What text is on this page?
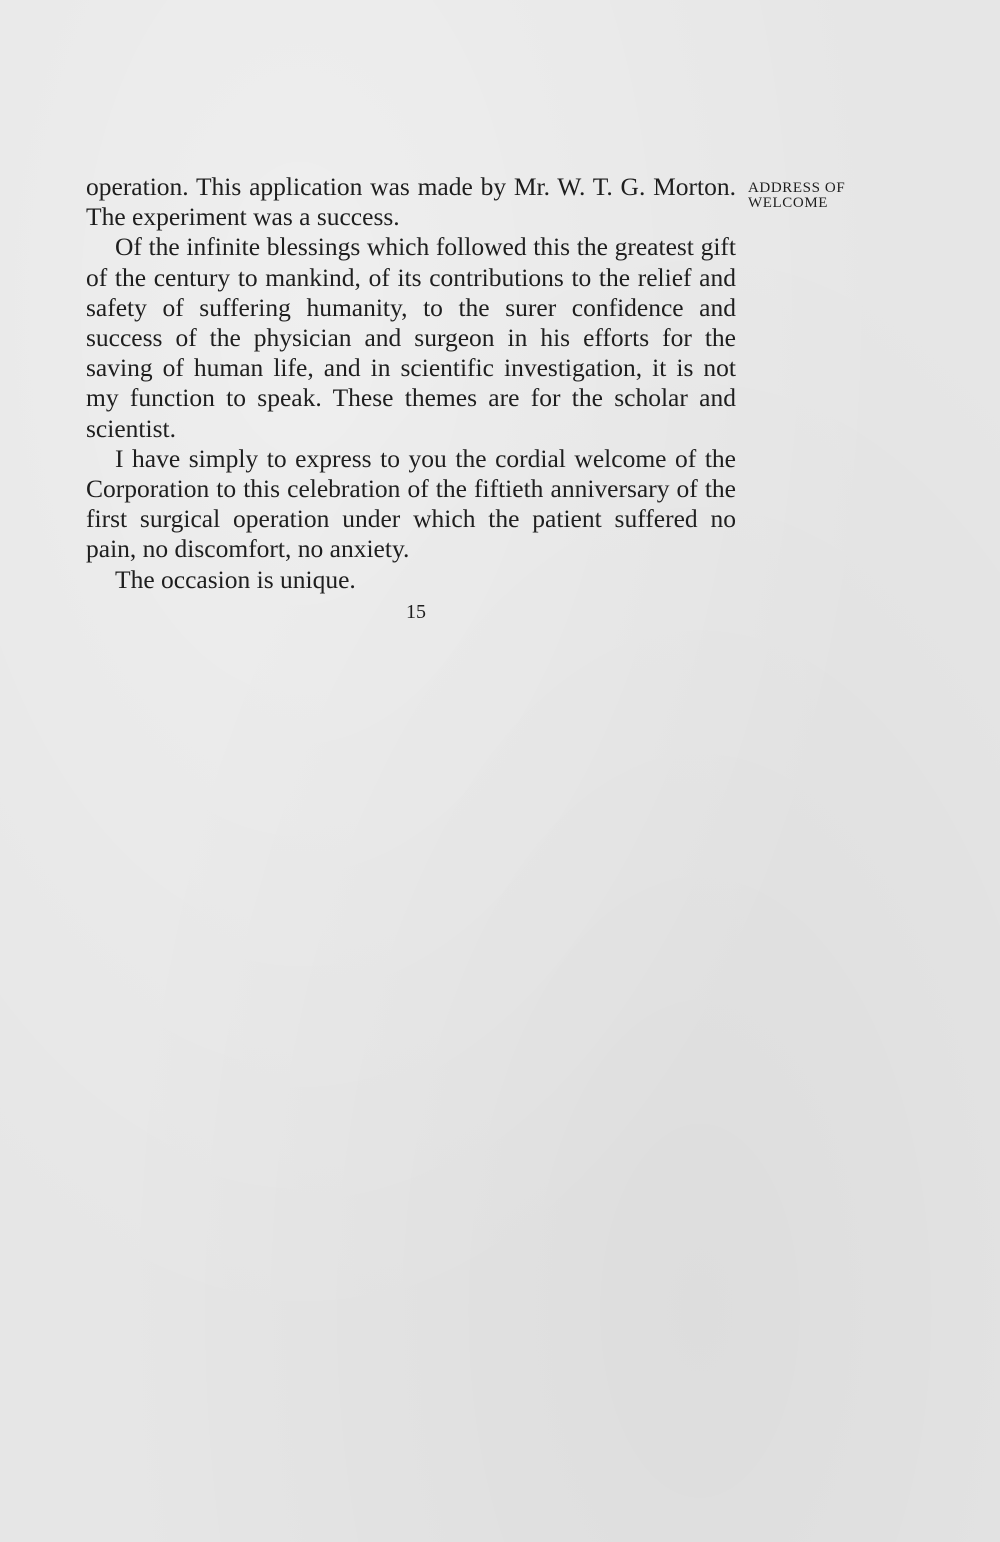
operation. This application was made by Mr. W. T. G. Morton. The experiment was a success.

Of the infinite blessings which followed this the greatest gift of the century to mankind, of its contributions to the relief and safety of suffering humanity, to the surer confidence and success of the physician and surgeon in his efforts for the saving of human life, and in scientific investigation, it is not my function to speak. These themes are for the scholar and scientist.

I have simply to express to you the cordial welcome of the Corporation to this celebration of the fiftieth anniversary of the first surgical operation under which the patient suffered no pain, no discomfort, no anxiety.

The occasion is unique.

ADDRESS OF
WELCOME
15
